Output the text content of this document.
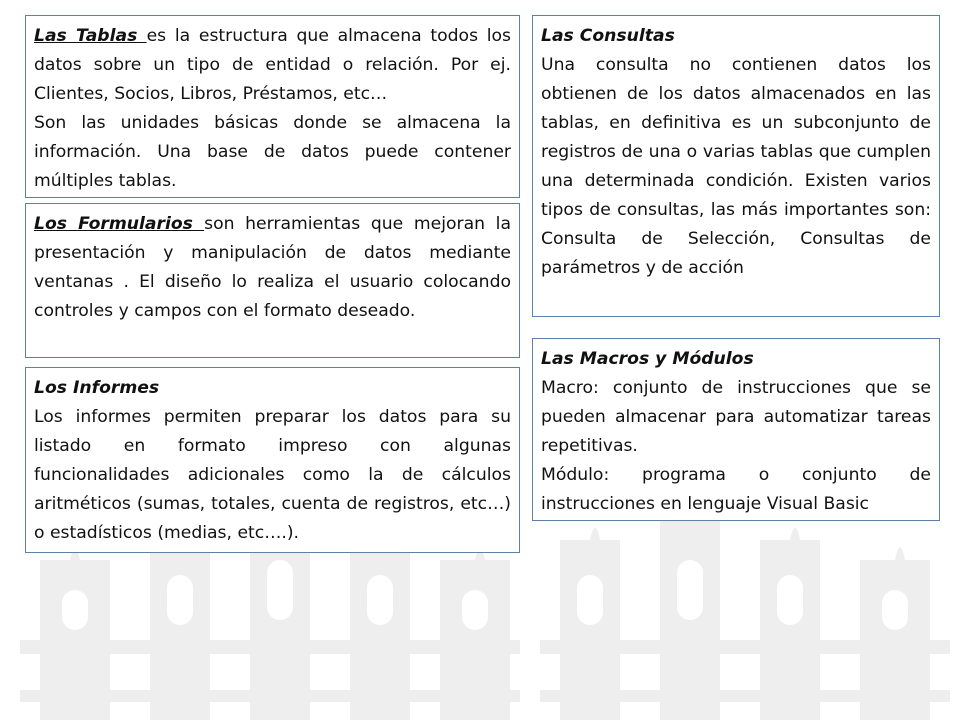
Las Tablas es la estructura que almacena todos los datos sobre un tipo de entidad o relación. Por ej. Clientes, Socios, Libros, Préstamos, etc…

Son las unidades básicas donde se almacena la información. Una base de datos puede contener múltiples tablas.

Los Formularios son herramientas que mejoran la presentación y manipulación de datos mediante ventanas . El diseño lo realiza el usuario colocando controles y campos con el formato deseado.

Los Informes

Los informes permiten preparar los datos para su listado en formato impreso con algunas funcionalidades adicionales como la de cálculos aritméticos (sumas, totales, cuenta de registros, etc…) o estadísticos (medias, etc….).

Las Consultas

Una consulta no contienen datos los obtienen de los datos almacenados en las tablas, en definitiva es un subconjunto de registros de una o varias tablas que cumplen una determinada condición. Existen varios tipos de consultas, las más importantes son: Consulta de Selección, Consultas de parámetros y de acción

Las Macros y Módulos

Macro: conjunto de instrucciones que se pueden almacenar para automatizar tareas repetitivas.

Módulo: programa o conjunto de

instrucciones en lenguaje Visual Basic
